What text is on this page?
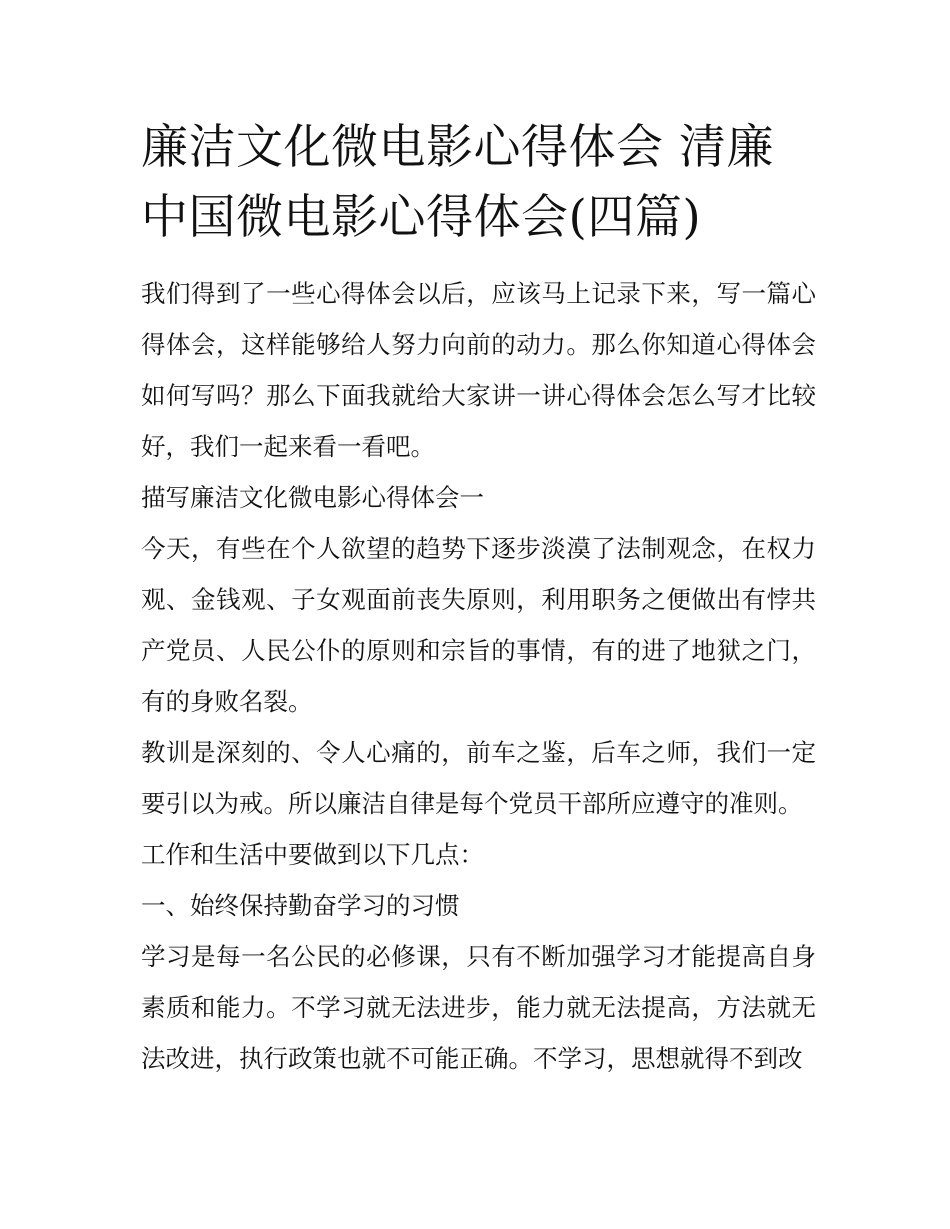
廉洁文化微电影心得体会 清廉中国微电影心得体会(四篇)

我们得到了一些心得体会以后，应该马上记录下来，写一篇心得体会，这样能够给人努力向前的动力。那么你知道心得体会如何写吗？那么下面我就给大家讲一讲心得体会怎么写才比较好，我们一起来看一看吧。

描写廉洁文化微电影心得体会一

今天，有些在个人欲望的趋势下逐步淡漠了法制观念，在权力观、金钱观、子女观面前丧失原则，利用职务之便做出有悖共产党员、人民公仆的原则和宗旨的事情，有的进了地狱之门，有的身败名裂。

教训是深刻的、令人心痛的，前车之鉴，后车之师，我们一定要引以为戒。所以廉洁自律是每个党员干部所应遵守的准则。

工作和生活中要做到以下几点：

一、始终保持勤奋学习的习惯

学习是每一名公民的必修课，只有不断加强学习才能提高自身素质和能力。不学习就无法进步，能力就无法提高，方法就无法改进，执行政策也就不可能正确。不学习，思想就得不到改
